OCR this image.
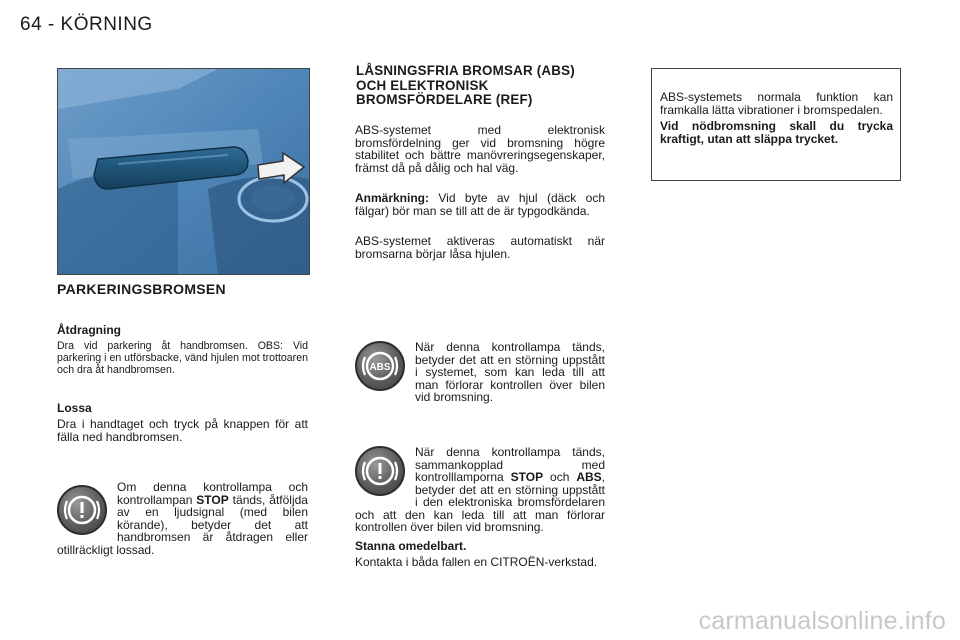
64 - KÖRNING
PARKERINGSBROMSEN
Åtdragning

Dra vid parkering åt handbromsen. OBS: Vid parkering i en utförsbacke, vänd hjulen mot trottoaren och dra åt handbromsen.

Lossa

Dra i handtaget och tryck på knappen för att fälla ned handbromsen.

Om denna kontrollampa och kontrollampan STOP tänds, åtföljda av en ljudsignal (med bilen körande), betyder det att handbromsen är åtdragen eller otillräckligt lossad.
LÅSNINGSFRIA BROMSAR (ABS) OCH ELEKTRONISK BROMSFÖRDELARE (REF)

ABS-systemet med elektronisk bromsfördelning ger vid bromsning högre stabilitet och bättre manövreringsegenskaper, främst då på dålig och hal väg.

Anmärkning: Vid byte av hjul (däck och fälgar) bör man se till att de är typgodkända.

ABS-systemet aktiveras automatiskt när bromsarna börjar låsa hjulen.

ABS
När denna kontrollampa tänds, betyder det att en störning uppstått i systemet, som kan leda till att man förlorar kontrollen över bilen vid bromsning.
När denna kontrollampa tänds, sammankopplad med kontrolllamporna STOP och ABS, betyder det att en störning uppstått i den elektroniska bromsfördelaren och att den kan leda till att man förlorar kontrollen över bilen vid bromsning.
Stanna omedelbart.

Kontakta i båda fallen en CITROËN-verkstad.

ABS-systemets normala funktion kan framkalla lätta vibrationer i bromspedalen.

Vid nödbromsning skall du trycka kraftigt, utan att släppa trycket.

carmanualsonline.info
